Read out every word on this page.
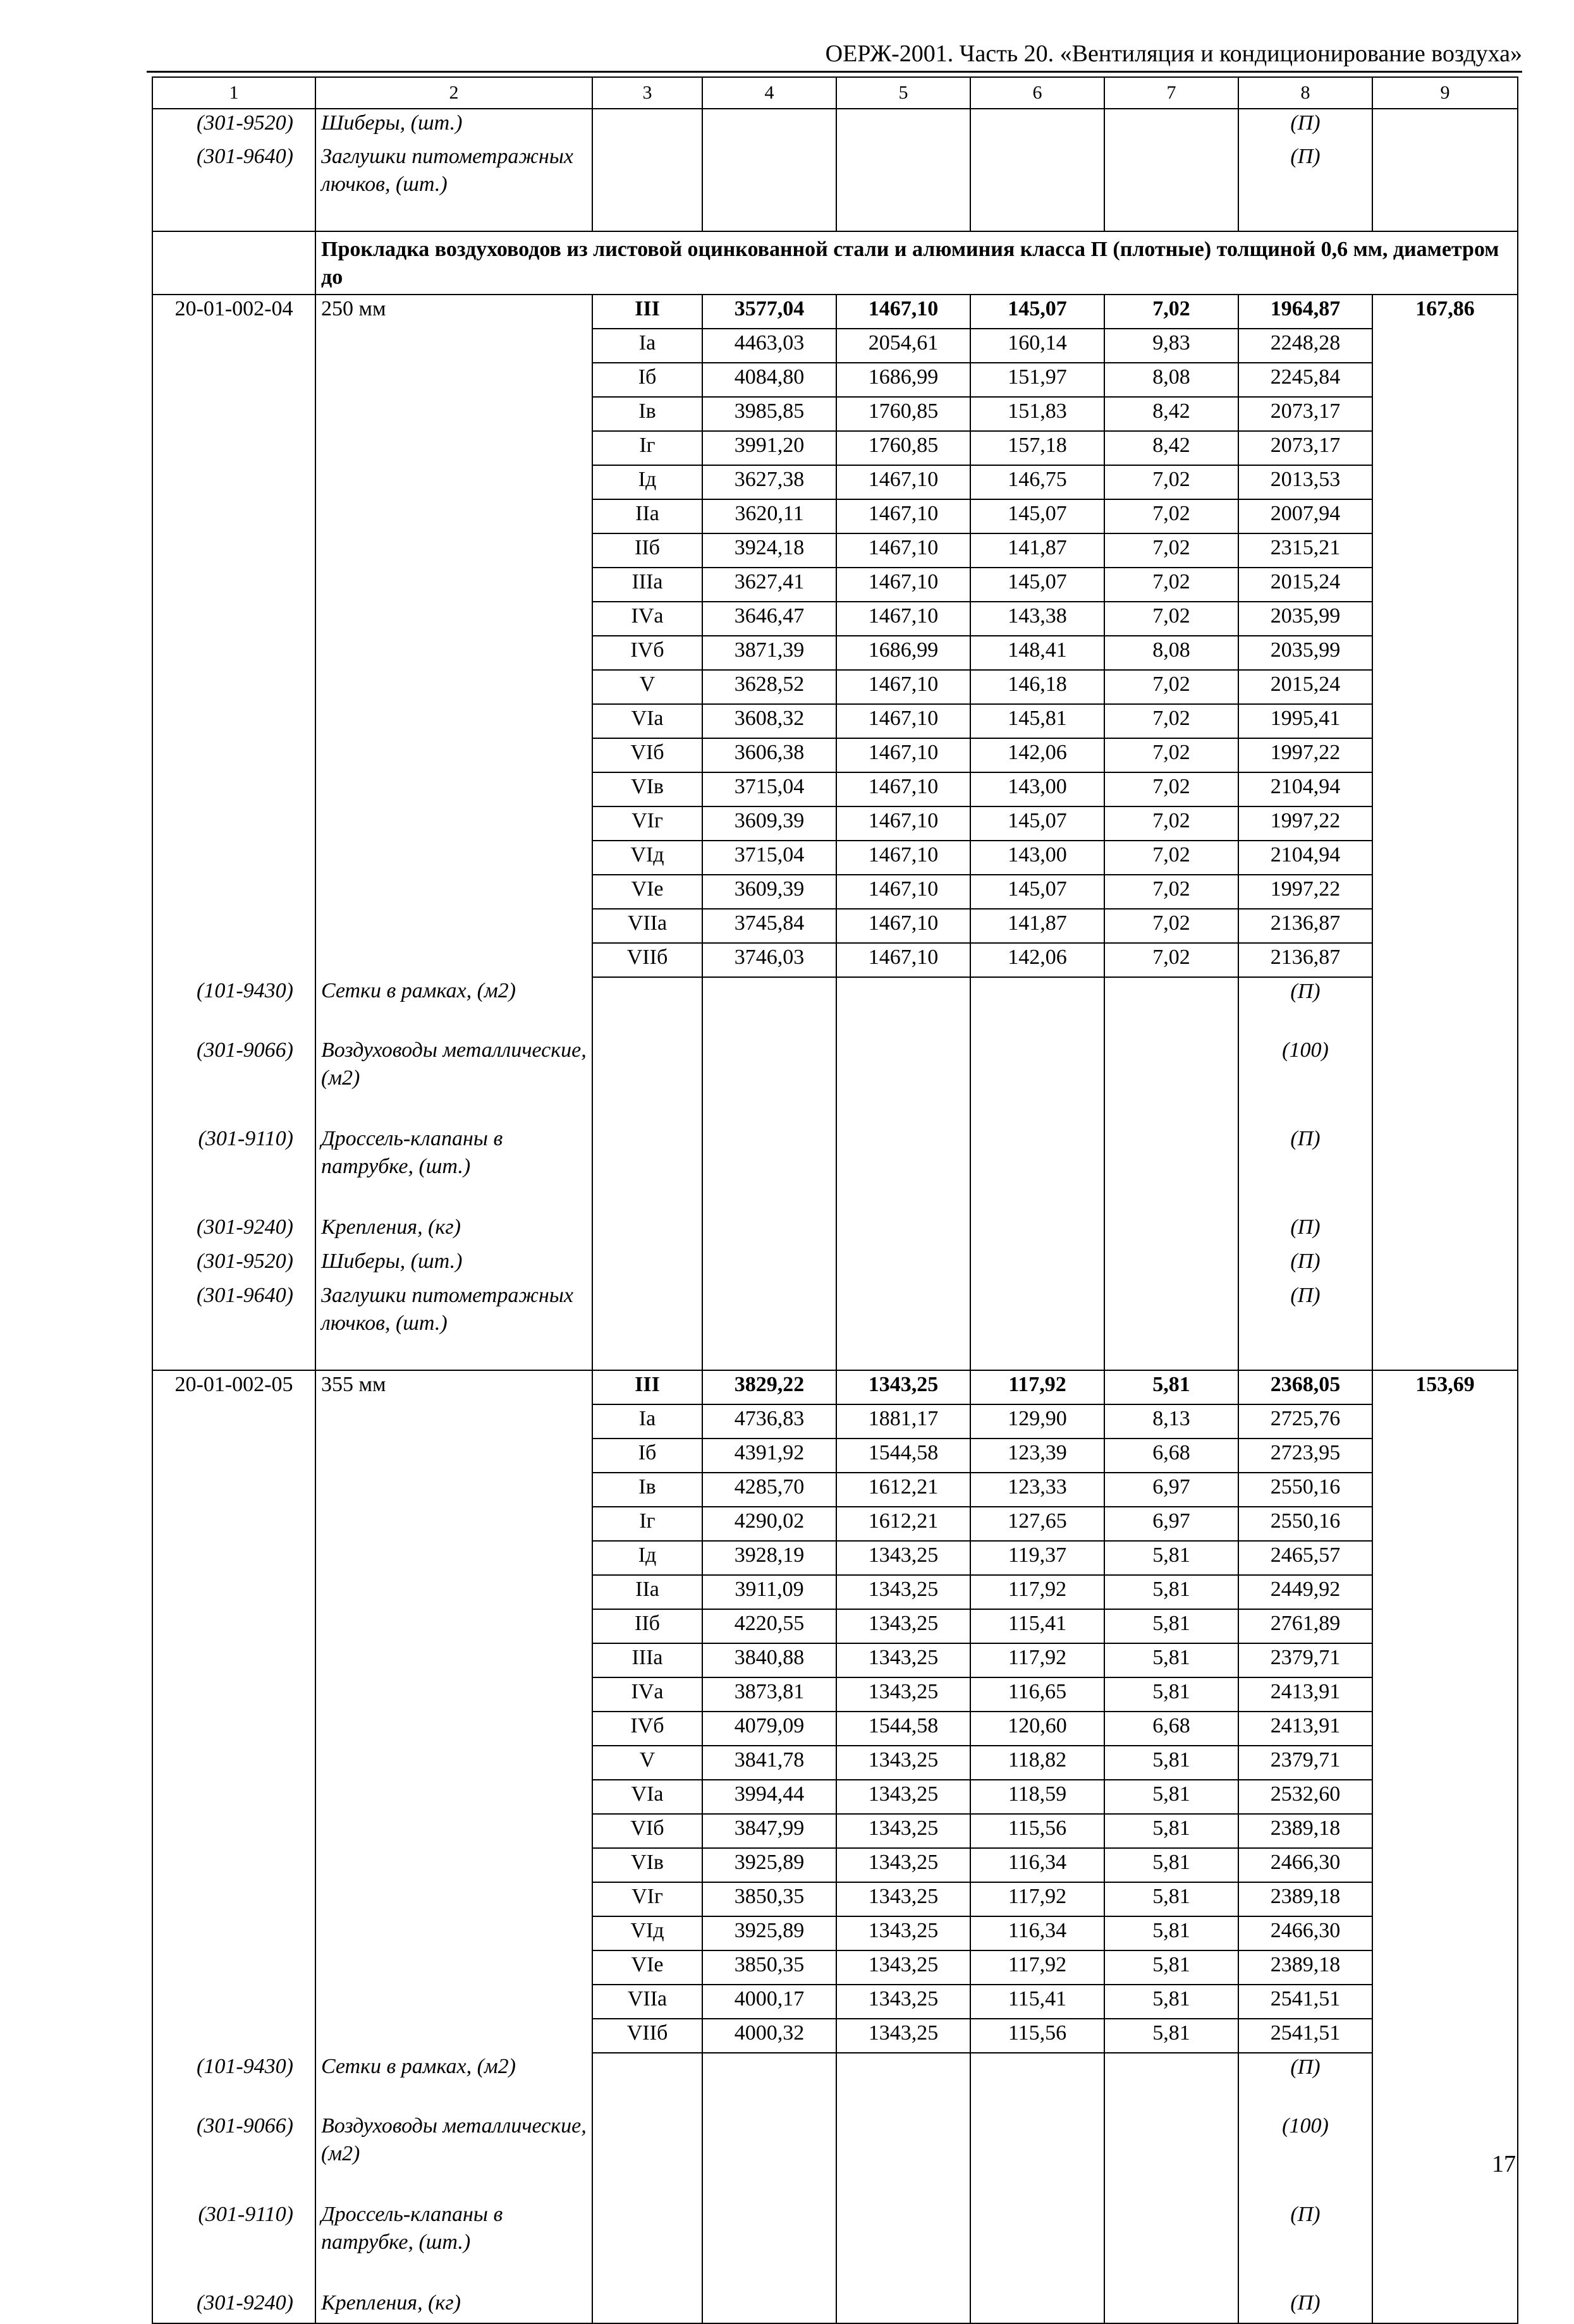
ОЕРЖ-2001. Часть 20. «Вентиляция и кондиционирование воздуха»
1	2	3	4	5	6	7	8	9
(301-9520)	Шиберы, (шт.)						(П)	
(301-9640)	Заглушки питометражных лючков, (шт.)						(П)	
	Прокладка воздуховодов из листовой оцинкованной стали и алюминия класса П (плотные) толщиной 0,6 мм, диаметром до							
20-01-002-04	250 мм	III	3577,04	1467,10	145,07	7,02	1964,87	167,86
		Iа	4463,03	2054,61	160,14	9,83	2248,28	
		Iб	4084,80	1686,99	151,97	8,08	2245,84	
		Iв	3985,85	1760,85	151,83	8,42	2073,17	
		Iг	3991,20	1760,85	157,18	8,42	2073,17	
		Iд	3627,38	1467,10	146,75	7,02	2013,53	
		IIа	3620,11	1467,10	145,07	7,02	2007,94	
		IIб	3924,18	1467,10	141,87	7,02	2315,21	
		IIIа	3627,41	1467,10	145,07	7,02	2015,24	
		IVа	3646,47	1467,10	143,38	7,02	2035,99	
		IVб	3871,39	1686,99	148,41	8,08	2035,99	
		V	3628,52	1467,10	146,18	7,02	2015,24	
		VIа	3608,32	1467,10	145,81	7,02	1995,41	
		VIб	3606,38	1467,10	142,06	7,02	1997,22	
		VIв	3715,04	1467,10	143,00	7,02	2104,94	
		VIг	3609,39	1467,10	145,07	7,02	1997,22	
		VIд	3715,04	1467,10	143,00	7,02	2104,94	
		VIе	3609,39	1467,10	145,07	7,02	1997,22	
		VIIа	3745,84	1467,10	141,87	7,02	2136,87	
		VIIб	3746,03	1467,10	142,06	7,02	2136,87	
(101-9430)	Сетки в рамках, (м2)						(П)	
(301-9066)	Воздуховоды металлические, (м2)						(100)	
(301-9110)	Дроссель-клапаны в патрубке, (шт.)						(П)	
(301-9240)	Крепления, (кг)						(П)	
(301-9520)	Шиберы, (шт.)						(П)	
(301-9640)	Заглушки питометражных лючков, (шт.)						(П)	
20-01-002-05	355 мм	III	3829,22	1343,25	117,92	5,81	2368,05	153,69
		Iа	4736,83	1881,17	129,90	8,13	2725,76	
		Iб	4391,92	1544,58	123,39	6,68	2723,95	
		Iв	4285,70	1612,21	123,33	6,97	2550,16	
		Iг	4290,02	1612,21	127,65	6,97	2550,16	
		Iд	3928,19	1343,25	119,37	5,81	2465,57	
		IIа	3911,09	1343,25	117,92	5,81	2449,92	
		IIб	4220,55	1343,25	115,41	5,81	2761,89	
		IIIа	3840,88	1343,25	117,92	5,81	2379,71	
		IVа	3873,81	1343,25	116,65	5,81	2413,91	
		IVб	4079,09	1544,58	120,60	6,68	2413,91	
		V	3841,78	1343,25	118,82	5,81	2379,71	
		VIа	3994,44	1343,25	118,59	5,81	2532,60	
		VIб	3847,99	1343,25	115,56	5,81	2389,18	
		VIв	3925,89	1343,25	116,34	5,81	2466,30	
		VIг	3850,35	1343,25	117,92	5,81	2389,18	
		VIд	3925,89	1343,25	116,34	5,81	2466,30	
		VIе	3850,35	1343,25	117,92	5,81	2389,18	
		VIIа	4000,17	1343,25	115,41	5,81	2541,51	
		VIIб	4000,32	1343,25	115,56	5,81	2541,51	
(101-9430)	Сетки в рамках, (м2)						(П)	
(301-9066)	Воздуховоды металлические, (м2)						(100)	
(301-9110)	Дроссель-клапаны в патрубке, (шт.)						(П)	
(301-9240)	Крепления, (кг)						(П)	
17
